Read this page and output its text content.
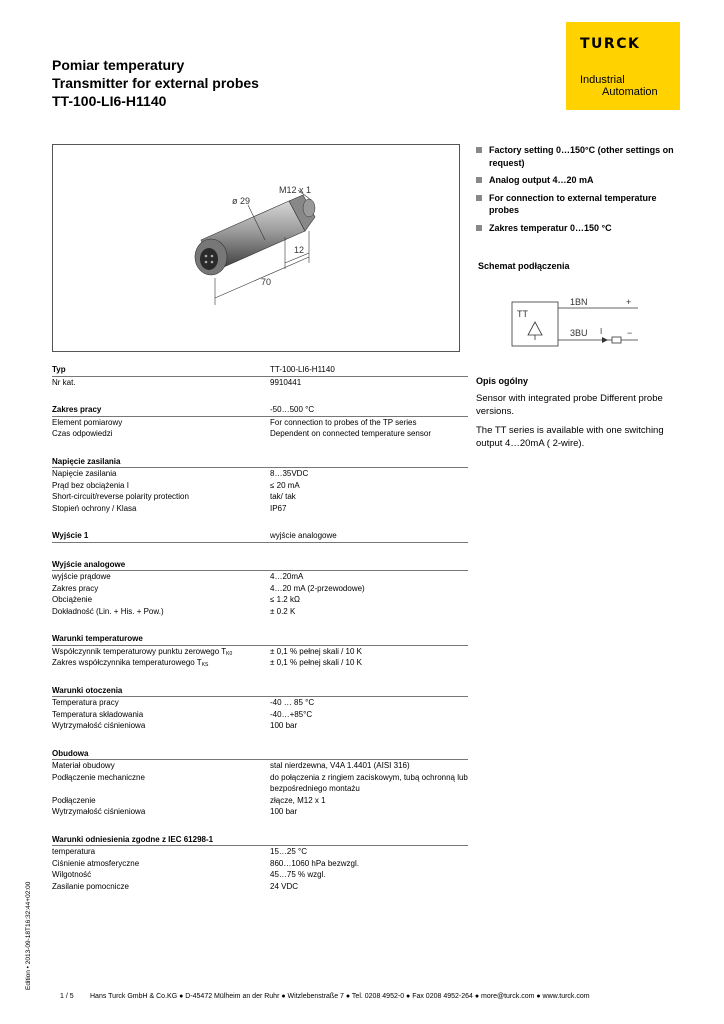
Pomiar temperatury
Transmitter for external probes
TT-100-LI6-H1140
TURCK
Industrial
Automation
M12 x 1
ø 29
12
70
Factory setting 0…150°C (other settings on request)
Analog output 4…20 mA
For connection to external temperature probes
Zakres temperatur 0…150 °C
Schemat podłączenia
TT
1BN
3BU
+
−
I
Opis ogólny

Sensor with integrated probe Different probe versions.

The TT series is available with one switching output 4…20mA ( 2-wire).

Typ	TT-100-LI6-H1140
Nr kat.	9910441
Zakres pracy	-50…500 °C
Element pomiarowy	For connection to probes of the TP series
Czas odpowiedzi	Dependent on connected temperature sensor
Napięcie zasilania
Napięcie zasilania	8…35VDC
Prąd bez obciążenia I	≤ 20 mA
Short-circuit/reverse polarity protection	tak/ tak
Stopień ochrony / Klasa	IP67
Wyjście 1	wyjście analogowe
Wyjście analogowe
wyjście prądowe	4…20mA
Zakres pracy	4…20 mA (2-przewodowe)
Obciążenie	≤ 1.2 kΩ
Dokładność (Lin. + His. + Pow.)	± 0.2 K
Warunki temperaturowe
Współczynnik temperaturowy punktu zerowego $T_{K0}$	± 0,1 % pełnej skali / 10 K
Zakres współczynnika temperaturowego $T_{KS}$	± 0,1 % pełnej skali / 10 K
Warunki otoczenia
Temperatura pracy	-40 … 85 °C
Temperatura składowania	-40…+85°C
Wytrzymałość ciśnieniowa	100 bar
Obudowa
Materiał obudowy	stal nierdzewna, V4A 1.4401 (AISI 316)
Podłączenie mechaniczne	do połączenia z ringiem zaciskowym, tubą ochronną lub bezpośredniego montażu
Podłączenie	złącze, M12 x 1
Wytrzymałość ciśnieniowa	100 bar
Warunki odniesienia zgodne z IEC 61298-1
temperatura	15…25 °C
Ciśnienie atmosferyczne	860…1060 hPa bezwzgl.
Wilgotność	45…75 % wzgl.
Zasilanie pomocnicze	24 VDC
Edition • 2013-09-18T16:32:44+02:00
1 / 5 Hans Turck GmbH & Co.KG ● D-45472 Mülheim an der Ruhr ● Witzlebenstraße 7 ● Tel. 0208 4952-0 ● Fax 0208 4952-264 ● more@turck.com ● www.turck.com
